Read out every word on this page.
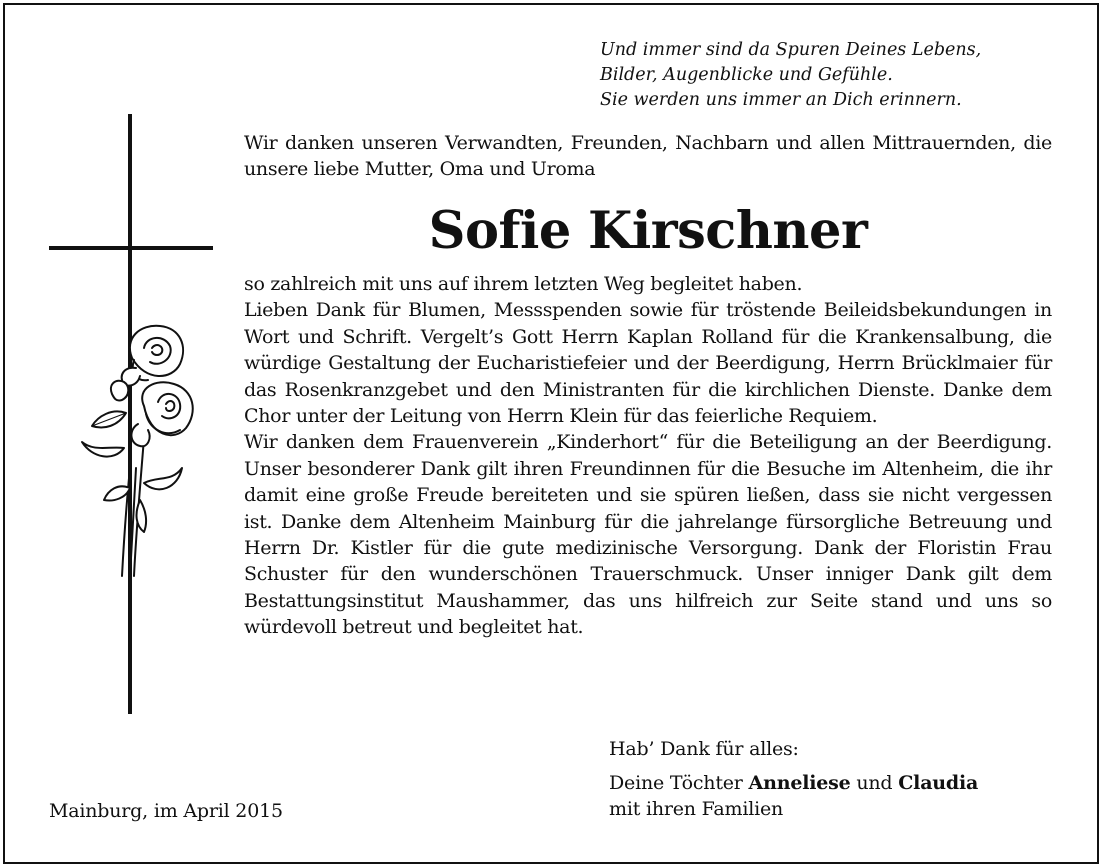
Und immer sind da Spuren Deines Lebens,
Bilder, Augenblicke und Gefühle.
Sie werden uns immer an Dich erinnern.
Wir danken unseren Verwandten, Freunden, Nachbarn und allen Mittrauernden, die unsere liebe Mutter, Oma und Uroma
Sofie Kirschner

so zahlreich mit uns auf ihrem letzten Weg begleitet haben.

Lieben Dank für Blumen, Messspenden sowie für tröstende Beileidsbekundungen in Wort und Schrift. Vergelt’s Gott Herrn Kaplan Rolland für die Krankensalbung, die würdige Gestaltung der Eucharistiefeier und der Beerdigung, Herrn Brücklmaier für das Rosenkranzgebet und den Ministranten für die kirchlichen Dienste. Danke dem Chor unter der Leitung von Herrn Klein für das feierliche Requiem.

Wir danken dem Frauenverein „Kinderhort“ für die Beteiligung an der Beerdigung. Unser besonderer Dank gilt ihren Freundinnen für die Besuche im Altenheim, die ihr damit eine große Freude bereiteten und sie spüren ließen, dass sie nicht vergessen ist. Danke dem Altenheim Mainburg für die jahrelange fürsorgliche Betreuung und Herrn Dr. Kistler für die gute medizinische Versorgung. Dank der Floristin Frau Schuster für den wunderschönen Trauerschmuck. Unser inniger Dank gilt dem Bestattungsinstitut Maushammer, das uns hilfreich zur Seite stand und uns so würdevoll betreut und begleitet hat.

Hab’ Dank für alles:
Deine Töchter Anneliese und Claudia
mit ihren Familien
Mainburg, im April 2015
